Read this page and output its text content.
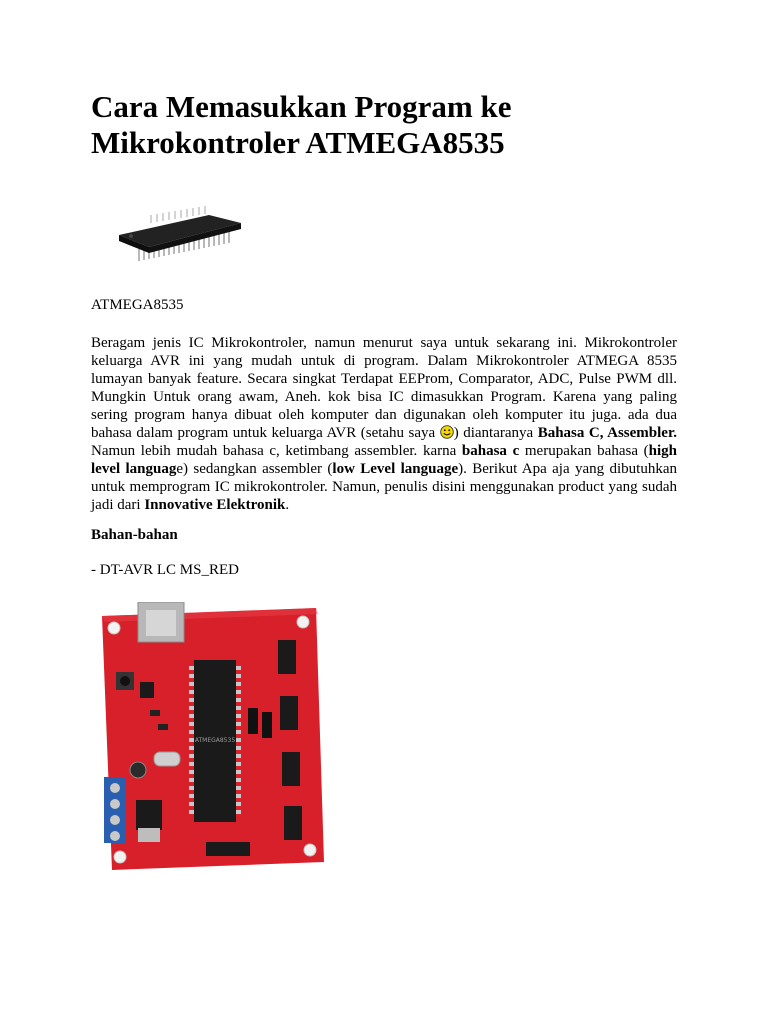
Cara Memasukkan Program ke Mikrokontroler ATMEGA8535
ATMEGA8535

Beragam jenis IC Mikrokontroler, namun menurut saya untuk sekarang ini. Mikrokontroler keluarga AVR ini yang mudah untuk di program. Dalam Mikrokontroler ATMEGA 8535 lumayan banyak feature. Secara singkat Terdapat EEProm, Comparator, ADC, Pulse PWM dll. Mungkin Untuk orang awam, Aneh. kok bisa IC dimasukkan Program. Karena yang paling sering program hanya dibuat oleh komputer dan digunakan oleh komputer itu juga. ada dua bahasa dalam program untuk keluarga AVR (setahu saya ) diantaranya Bahasa C, Assembler. Namun lebih mudah bahasa c, ketimbang assembler. karna bahasa c merupakan bahasa (high level language) sedangkan assembler (low Level language). Berikut Apa aja yang dibutuhkan untuk memprogram IC mikrokontroler. Namun, penulis disini menggunakan product yang sudah jadi dari Innovative Elektronik.

Bahan-bahan
- DT-AVR LC MS_RED
ATMEGA8535
